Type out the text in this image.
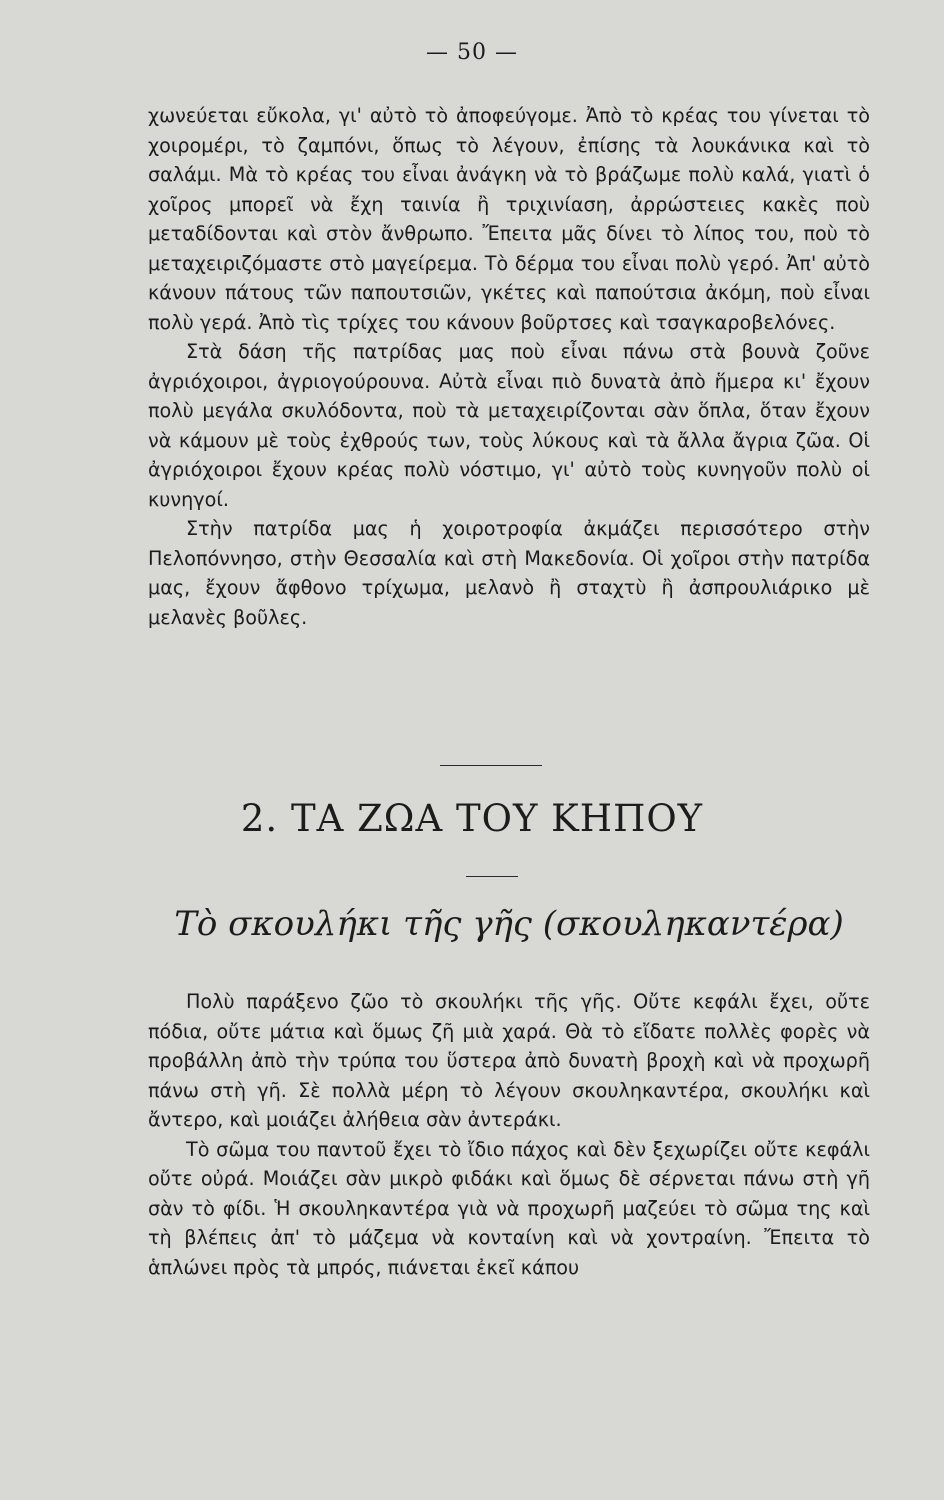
— 50 —

χωνεύεται εὔκολα, γι' αὐτὸ τὸ ἀποφεύγομε. Ἀπὸ τὸ κρέας του γίνεται τὸ χοιρομέρι, τὸ ζαμπόνι, ὅπως τὸ λέγουν, ἐπίσης τὰ λουκάνικα καὶ τὸ σαλάμι. Μὰ τὸ κρέας του εἶναι ἀνάγκη νὰ τὸ βράζωμε πολὺ καλά, γιατὶ ὁ χοῖρος μπορεῖ νὰ ἔχη ταινία ἢ τριχινίαση, ἀρρώστειες κακὲς ποὺ μεταδίδονται καὶ στὸν ἄνθρωπο. Ἔπειτα μᾶς δίνει τὸ λίπος του, ποὺ τὸ μεταχειριζόμαστε στὸ μαγείρεμα. Τὸ δέρμα του εἶναι πολὺ γερό. Ἀπ' αὐτὸ κάνουν πάτους τῶν παπουτσιῶν, γκέτες καὶ παπούτσια ἀκόμη, ποὺ εἶναι πολὺ γερά. Ἀπὸ τὶς τρίχες του κάνουν βοῦρτσες καὶ τσαγκαροβελόνες.

Στὰ δάση τῆς πατρίδας μας ποὺ εἶναι πάνω στὰ βουνὰ ζοῦνε ἀγριόχοιροι, ἀγριογούρουνα. Αὐτὰ εἶναι πιὸ δυνατὰ ἀπὸ ἥμερα κι' ἔχουν πολὺ μεγάλα σκυλόδοντα, ποὺ τὰ μεταχειρίζονται σὰν ὅπλα, ὅταν ἔχουν νὰ κάμουν μὲ τοὺς ἐχθρούς των, τοὺς λύκους καὶ τὰ ἄλλα ἄγρια ζῶα. Οἱ ἀγριόχοιροι ἔχουν κρέας πολὺ νόστιμο, γι' αὐτὸ τοὺς κυνηγοῦν πολὺ οἱ κυνηγοί.

Στὴν πατρίδα μας ἡ χοιροτροφία ἀκμάζει περισσότερο στὴν Πελοπόννησο, στὴν Θεσσαλία καὶ στὴ Μακεδονία. Οἱ χοῖροι στὴν πατρίδα μας, ἔχουν ἄφθονο τρίχωμα, μελανὸ ἢ σταχτὺ ἢ ἀσπρουλιάρικο μὲ μελανὲς βοῦλες.

2. ΤΑ ΖΩΑ ΤΟΥ ΚΗΠΟΥ
Τὸ σκουλήκι τῆς γῆς (σκουληκαντέρα)

Πολὺ παράξενο ζῶο τὸ σκουλήκι τῆς γῆς. Οὔτε κεφάλι ἔχει, οὔτε πόδια, οὔτε μάτια καὶ ὅμως ζῆ μιὰ χαρά. Θὰ τὸ εἴδατε πολλὲς φορὲς νὰ προβάλλη ἀπὸ τὴν τρύπα του ὕστερα ἀπὸ δυνατὴ βροχὴ καὶ νὰ προχωρῆ πάνω στὴ γῆ. Σὲ πολλὰ μέρη τὸ λέγουν σκουληκαντέρα, σκουλήκι καὶ ἄντερο, καὶ μοιάζει ἀλήθεια σὰν ἀντεράκι.

Τὸ σῶμα του παντοῦ ἔχει τὸ ἴδιο πάχος καὶ δὲν ξεχωρίζει οὔτε κεφάλι οὔτε οὐρά. Μοιάζει σὰν μικρὸ φιδάκι καὶ ὅμως δὲ σέρνεται πάνω στὴ γῆ σὰν τὸ φίδι. Ἡ σκουληκαντέρα γιὰ νὰ προχωρῆ μαζεύει τὸ σῶμα της καὶ τὴ βλέπεις ἀπ' τὸ μάζεμα νὰ κονταίνη καὶ νὰ χοντραίνη. Ἔπειτα τὸ ἁπλώνει πρὸς τὰ μπρός, πιάνεται ἐκεῖ κάπου
